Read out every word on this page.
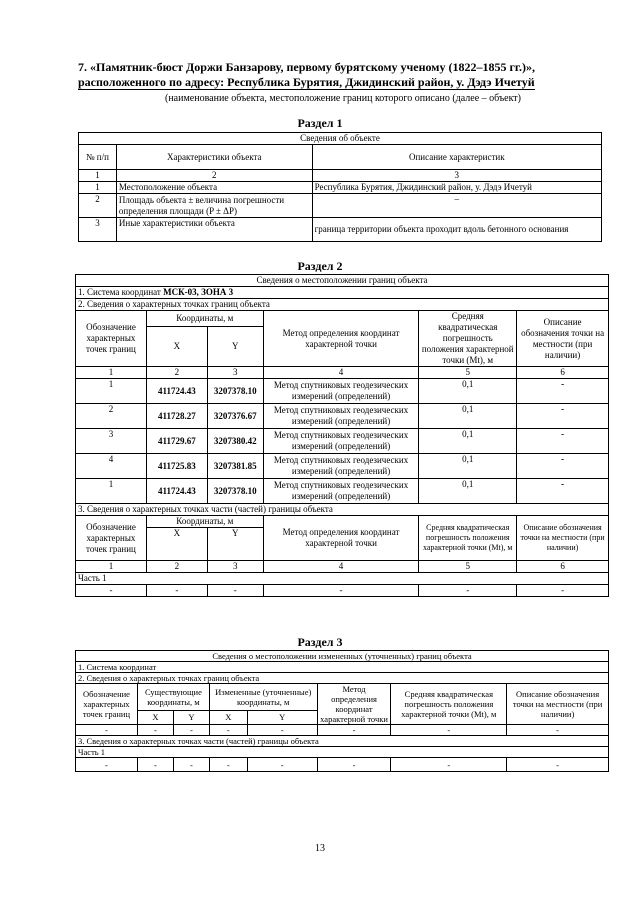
7. «Памятник-бюст Доржи Банзарову, первому бурятскому ученому (1822–1855 гг.)»,
расположенного по адресу: Республика Бурятия, Джидинский район, у. Дэдэ Ичетуй
(наименование объекта, местоположение границ которого описано (далее – объект)
Раздел 1
Сведения об объекте		
№ п/п	Характеристики объекта	Описание характеристик
1	2	3
1	Местоположение объекта	Республика Бурятия, Джидинский район, у. Дэдэ Ичетуй
2	Площадь объекта ± величина погрешности определения площади (P ± ΔP)	–
3	Иные характеристики объекта	граница территории объекта проходит вдоль бетонного основания
Раздел 2
Сведения о местоположении границ объекта					
1. Система координат МСК-03, ЗОНА 3					
2. Сведения о характерных точках границ объекта					
Обозначение характерных точек границ	Координаты, м		Метод определения координат характерной точки	Средняя квадратическая погрешность положения характерной точки (Mt), м	Описание обозначения точки на местности (при наличии)
	X	Y			
1	2	3	4	5	6
1	411724.43	3207378.10	Метод спутниковых геодезических измерений (определений)	0,1	-
2	411728.27	3207376.67	Метод спутниковых геодезических измерений (определений)	0,1	-
3	411729.67	3207380.42	Метод спутниковых геодезических измерений (определений)	0,1	-
4	411725.83	3207381.85	Метод спутниковых геодезических измерений (определений)	0,1	-
1	411724.43	3207378.10	Метод спутниковых геодезических измерений (определений)	0,1	-
3. Сведения о характерных точках части (частей) границы объекта					
Обозначение характерных точек границ	Координаты, м		Метод определения координат характерной точки	Средняя квадратическая погрешность положения характерной точки (Mt), м	Описание обозначения точки на местности (при наличии)
	X	Y			
1	2	3	4	5	6
Часть 1					
-	-	-	-	-	-
Раздел 3
Сведения о местоположении измененных (уточненных) границ объекта							
1. Система координат							
2. Сведения о характерных точках границ объекта							
Обозначение характерных точек границ	Существующие координаты, м		Измененные (уточненные) координаты, м		Метод определения координат характерной точки	Средняя квадратическая погрешность положения характерной точки (Mt), м	Описание обозначения точки на местности (при наличии)
	X	Y	X	Y			
-	-	-	-	-	-	-	-
3. Сведения о характерных точках части (частей) границы объекта							
Часть 1							
-	-	-	-	-	-	-	-
13
